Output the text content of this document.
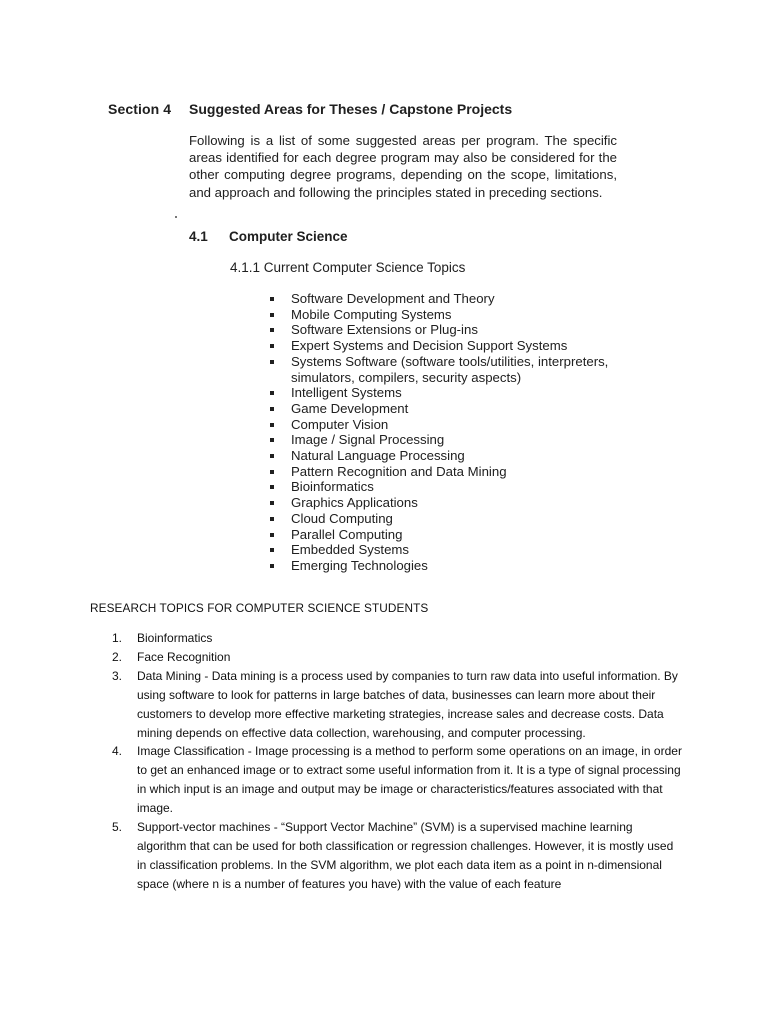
Section 4 Suggested Areas for Theses / Capstone Projects
Following is a list of some suggested areas per program. The specific areas identified for each degree program may also be considered for the other computing degree programs, depending on the scope, limitations, and approach and following the principles stated in preceding sections.
4.1 Computer Science
4.1.1 Current Computer Science Topics
Software Development and Theory
Mobile Computing Systems
Software Extensions or Plug-ins
Expert Systems and Decision Support Systems
Systems Software (software tools/utilities, interpreters, simulators, compilers, security aspects)
Intelligent Systems
Game Development
Computer Vision
Image / Signal Processing
Natural Language Processing
Pattern Recognition and Data Mining
Bioinformatics
Graphics Applications
Cloud Computing
Parallel Computing
Embedded Systems
Emerging Technologies
RESEARCH TOPICS FOR COMPUTER SCIENCE STUDENTS
1. Bioinformatics
2. Face Recognition
3. Data Mining - Data mining is a process used by companies to turn raw data into useful information. By using software to look for patterns in large batches of data, businesses can learn more about their customers to develop more effective marketing strategies, increase sales and decrease costs. Data mining depends on effective data collection, warehousing, and computer processing.
4. Image Classification - Image processing is a method to perform some operations on an image, in order to get an enhanced image or to extract some useful information from it. It is a type of signal processing in which input is an image and output may be image or characteristics/features associated with that image.
5. Support-vector machines - “Support Vector Machine” (SVM) is a supervised machine learning algorithm that can be used for both classification or regression challenges. However, it is mostly used in classification problems. In the SVM algorithm, we plot each data item as a point in n-dimensional space (where n is a number of features you have) with the value of each feature
